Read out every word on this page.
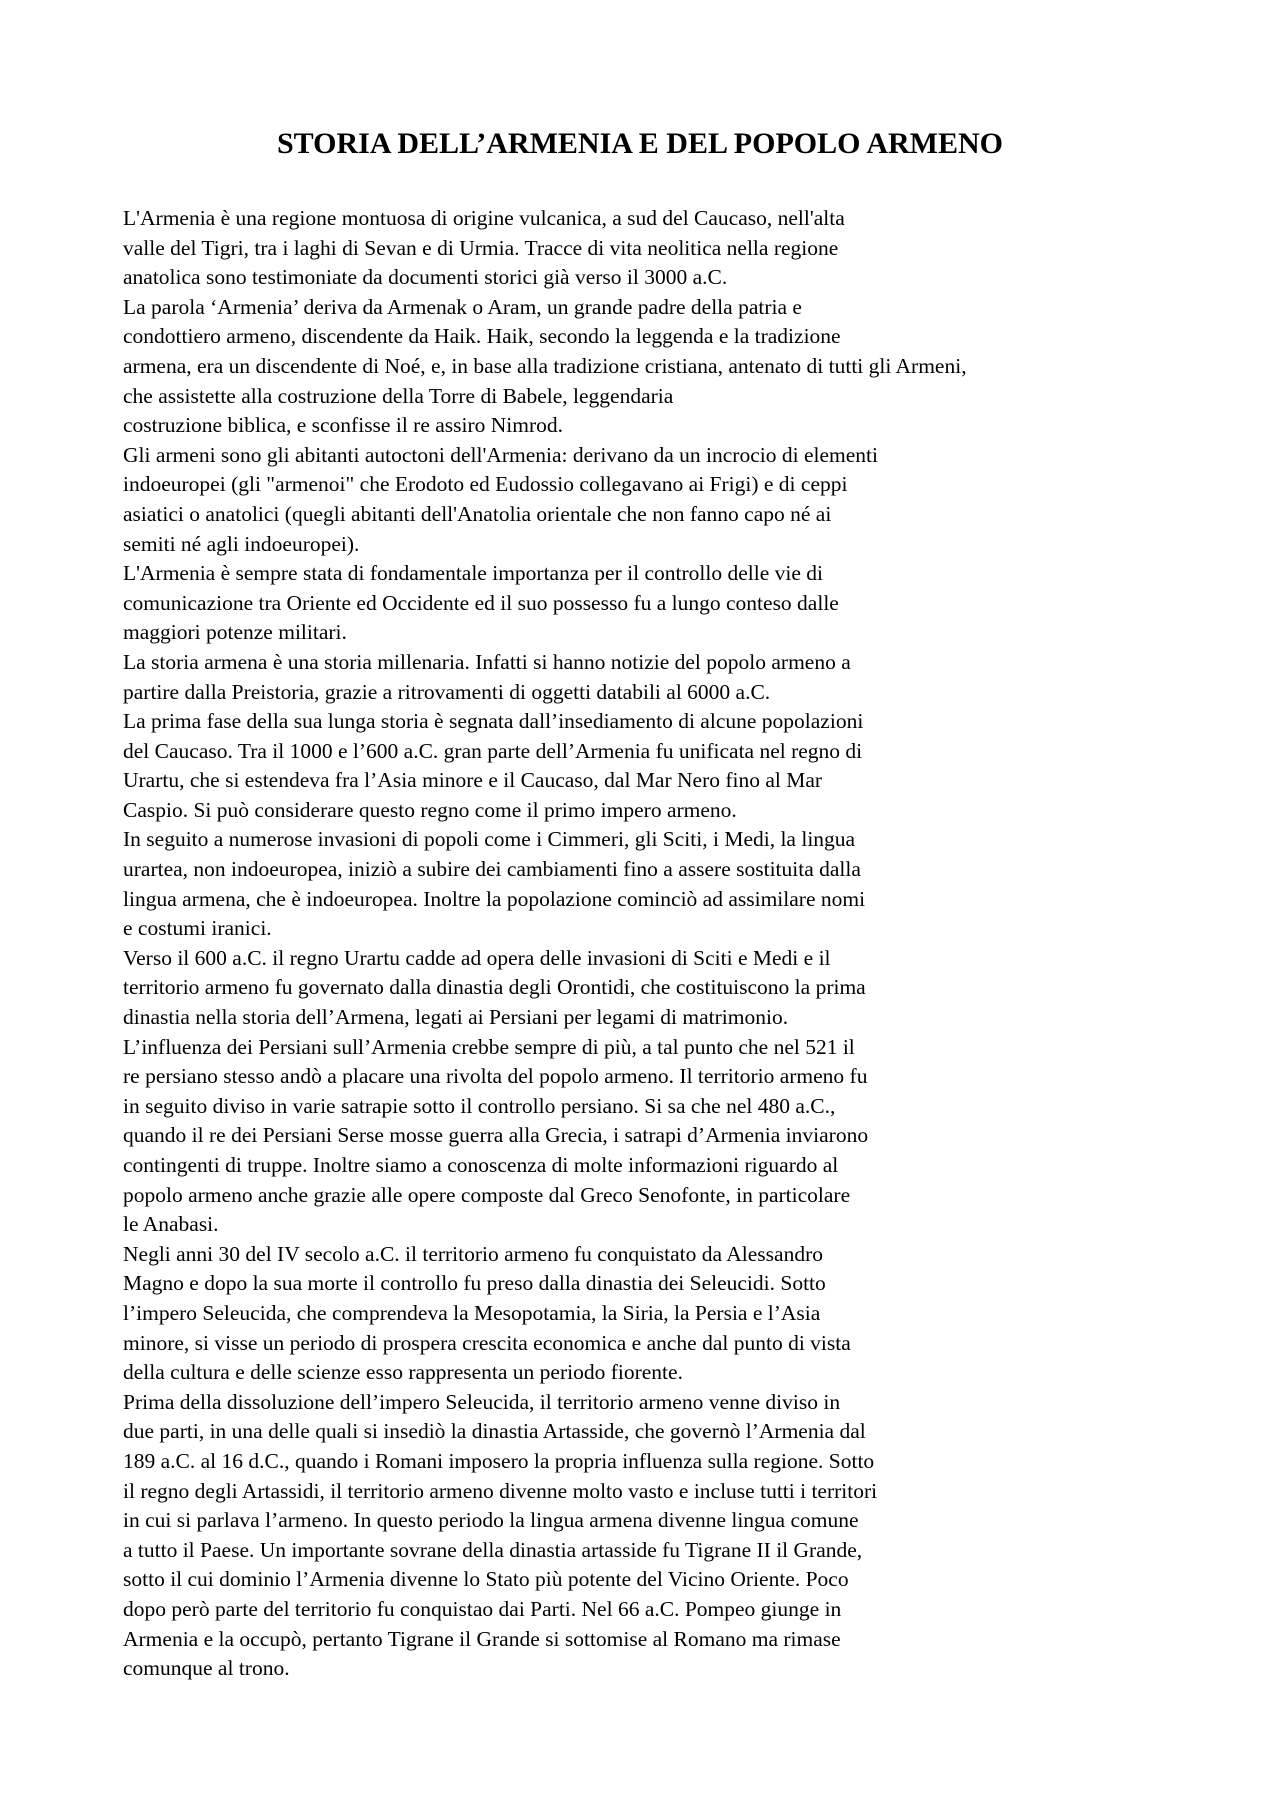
STORIA DELL’ARMENIA E DEL POPOLO ARMENO
L'Armenia è una regione montuosa di origine vulcanica, a sud del Caucaso, nell'alta
valle del Tigri, tra i laghi di Sevan e di Urmia. Tracce di vita neolitica nella regione
anatolica sono testimoniate da documenti storici già verso il 3000 a.C.
La parola ‘Armenia’ deriva da Armenak o Aram, un grande padre della patria e
condottiero armeno, discendente da Haik. Haik, secondo la leggenda e la tradizione
armena, era un discendente di Noé, e, in base alla tradizione cristiana, antenato di tutti gli Armeni,
che assistette alla costruzione della Torre di Babele, leggendaria
costruzione biblica, e sconfisse il re assiro Nimrod.
Gli armeni sono gli abitanti autoctoni dell'Armenia: derivano da un incrocio di elementi
indoeuropei (gli "armenoi" che Erodoto ed Eudossio collegavano ai Frigi) e di ceppi
asiatici o anatolici (quegli abitanti dell'Anatolia orientale che non fanno capo né ai
semiti né agli indoeuropei).
L'Armenia è sempre stata di fondamentale importanza per il controllo delle vie di
comunicazione tra Oriente ed Occidente ed il suo possesso fu a lungo conteso dalle
maggiori potenze militari.
La storia armena è una storia millenaria. Infatti si hanno notizie del popolo armeno a
partire dalla Preistoria, grazie a ritrovamenti di oggetti databili al 6000 a.C.
La prima fase della sua lunga storia è segnata dall’insediamento di alcune popolazioni
del Caucaso. Tra il 1000 e l’600 a.C. gran parte dell’Armenia fu unificata nel regno di
Urartu, che si estendeva fra l’Asia minore e il Caucaso, dal Mar Nero fino al Mar
Caspio. Si può considerare questo regno come il primo impero armeno.
In seguito a numerose invasioni di popoli come i Cimmeri, gli Sciti, i Medi, la lingua
urartea, non indoeuropea, iniziò a subire dei cambiamenti fino a assere sostituita dalla
lingua armena, che è indoeuropea. Inoltre la popolazione cominciò ad assimilare nomi
e costumi iranici.
Verso il 600 a.C. il regno Urartu cadde ad opera delle invasioni di Sciti e Medi e il
territorio armeno fu governato dalla dinastia degli Orontidi, che costituiscono la prima
dinastia nella storia dell’Armena, legati ai Persiani per legami di matrimonio.
L’influenza dei Persiani sull’Armenia crebbe sempre di più, a tal punto che nel 521 il
re persiano stesso andò a placare una rivolta del popolo armeno. Il territorio armeno fu
in seguito diviso in varie satrapie sotto il controllo persiano. Si sa che nel 480 a.C.,
quando il re dei Persiani Serse mosse guerra alla Grecia, i satrapi d’Armenia inviarono
contingenti di truppe. Inoltre siamo a conoscenza di molte informazioni riguardo al
popolo armeno anche grazie alle opere composte dal Greco Senofonte, in particolare
le Anabasi.
Negli anni 30 del IV secolo a.C. il territorio armeno fu conquistato da Alessandro
Magno e dopo la sua morte il controllo fu preso dalla dinastia dei Seleucidi. Sotto
l’impero Seleucida, che comprendeva la Mesopotamia, la Siria, la Persia e l’Asia
minore, si visse un periodo di prospera crescita economica e anche dal punto di vista
della cultura e delle scienze esso rappresenta un periodo fiorente.
Prima della dissoluzione dell’impero Seleucida, il territorio armeno venne diviso in
due parti, in una delle quali si insediò la dinastia Artasside, che governò l’Armenia dal
189 a.C. al 16 d.C., quando i Romani imposero la propria influenza sulla regione. Sotto
il regno degli Artassidi, il territorio armeno divenne molto vasto e incluse tutti i territori
in cui si parlava l’armeno. In questo periodo la lingua armena divenne lingua comune
a tutto il Paese. Un importante sovrane della dinastia artasside fu Tigrane II il Grande,
sotto il cui dominio l’Armenia divenne lo Stato più potente del Vicino Oriente. Poco
dopo però parte del territorio fu conquistao dai Parti. Nel 66 a.C. Pompeo giunge in
Armenia e la occupò, pertanto Tigrane il Grande si sottomise al Romano ma rimase
comunque al trono.
